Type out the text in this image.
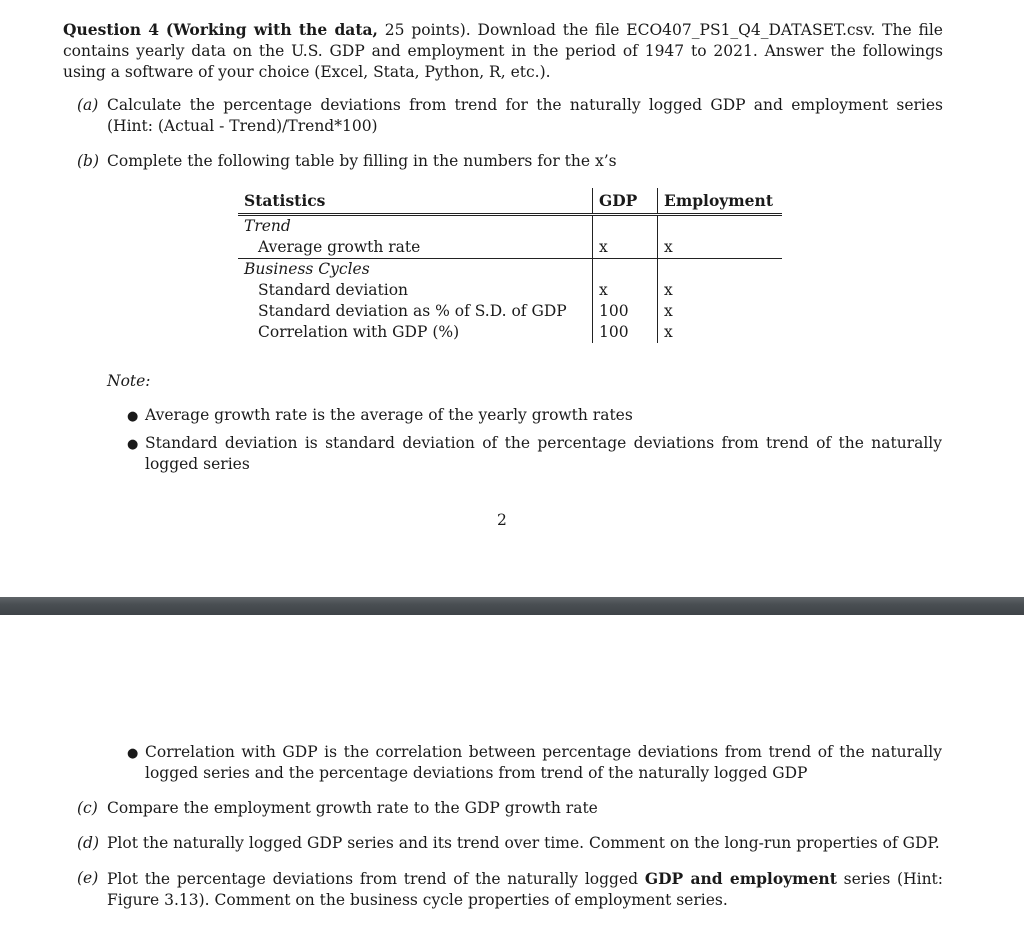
Question 4 (Working with the data, 25 points). Download the file ECO407_PS1_Q4_DATASET.csv. The file contains yearly data on the U.S. GDP and employment in the period of 1947 to 2021. Answer the followings using a software of your choice (Excel, Stata, Python, R, etc.).
(a) Calculate the percentage deviations from trend for the naturally logged GDP and employment series (Hint: (Actual - Trend)/Trend*100)
(b) Complete the following table by filling in the numbers for the x’s
Statistics	GDP	Employment
Trend		
Average growth rate	x	x
Business Cycles		
Standard deviation	x	x
Standard deviation as % of S.D. of GDP	100	x
Correlation with GDP (%)	100	x
Note:
● Average growth rate is the average of the yearly growth rates
● Standard deviation is standard deviation of the percentage deviations from trend of the naturally logged series
2
● Correlation with GDP is the correlation between percentage deviations from trend of the naturally logged series and the percentage deviations from trend of the naturally logged GDP
(c) Compare the employment growth rate to the GDP growth rate
(d) Plot the naturally logged GDP series and its trend over time. Comment on the long-run properties of GDP.
(e) Plot the percentage deviations from trend of the naturally logged GDP and employment series (Hint: Figure 3.13). Comment on the business cycle properties of employment series.
